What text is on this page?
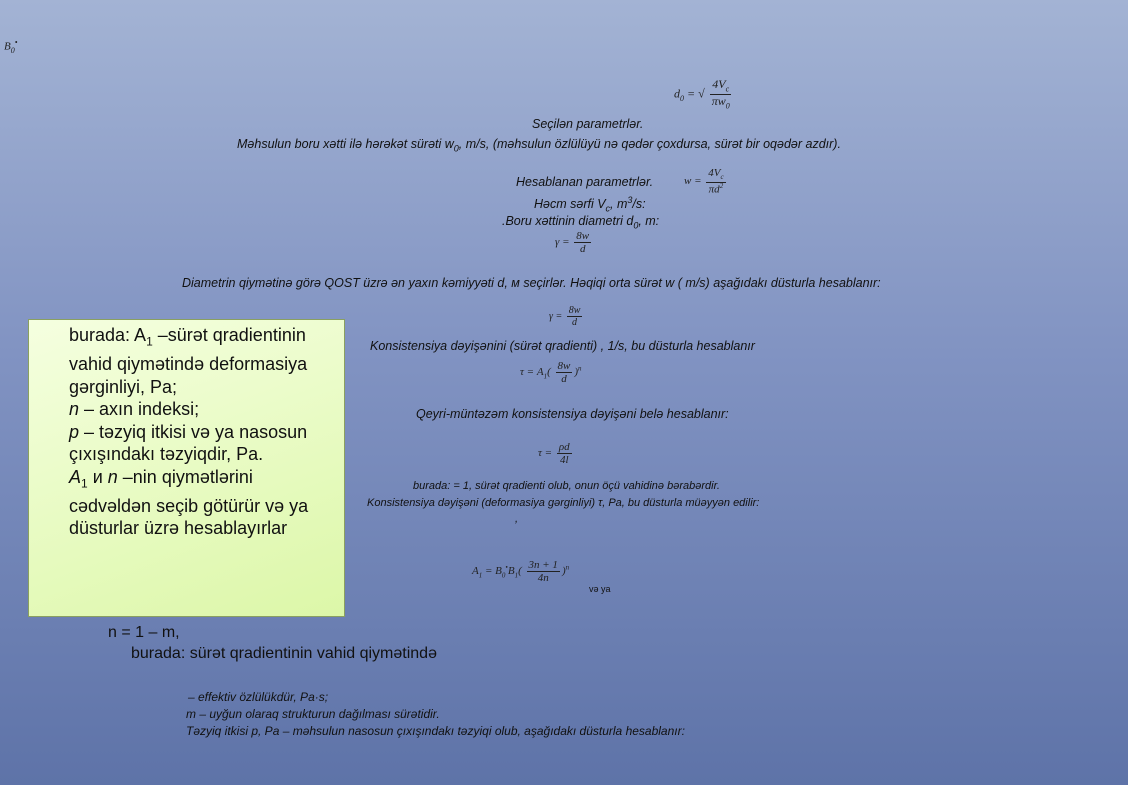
$B_0^•$
$d_0$ = √ $\frac{4V_c}{\pi w_0}$
Seçilən parametrlər.
Məhsulun boru xətti ilə hərəkət sürəti $w_0$, m/s, (məhsulun özlülüyü nə qədər çoxdursa, sürət bir oqədər azdır).
Hesablanan parametrlər.	$w = \frac{4V_c}{\pi d^2}$
Həcm sərfi $V_c$, $m^3/s$:
.Boru xəttinin diametri $d_0$, m:
$\gamma = \frac{8w}{d}$
Diametrin qiymətinə görə QOST üzrə ən yaxın kəmiyyəti d, м seçirlər. Həqiqi orta sürət w ( m/s) aşağıdakı düsturla hesablanır:

burada: $A_1$ –sürət qradientinin vahid qiymətində deformasiya gərginliyi, Pa;

n – axın indeksi;

p – təzyiq itkisi və ya nasosun çıxışındakı təzyiqdir, Pa.

$A_1$ и n –nin qiymətlərini cədvəldən seçib götürür və ya düsturlar üzrə hesablayırlar

$\gamma = \frac{8w}{d}$
Konsistensiya dəyişənini (sürət qradienti) , 1/s, bu düsturla hesablanır
$\tau = A_1( \frac{8w}{d} )^n$
Qeyri-müntəzəm konsistensiya dəyişəni belə hesablanır:
$\tau = \frac{\rho d}{4l}$
burada: = 1, sürət qradienti olub, onun öçü vahidinə bərabərdir.
Konsistensiya dəyişəni (deformasiya gərginliyi) τ, Pa, bu düsturla müəyyən edilir:
,
$A_1 = B_0^•B_1( \frac{3n + 1}{4n} )^n$
və ya
n = 1 – m,
burada: sürət qradientinin vahid qiymətində
– effektiv özlülükdür, Pa·s;
m – uyğun olaraq strukturun dağılması sürətidir.
Təzyiq itkisi p, Pa – məhsulun nasosun çıxışındakı təzyiqi olub, aşağıdakı düsturla hesablanır:
